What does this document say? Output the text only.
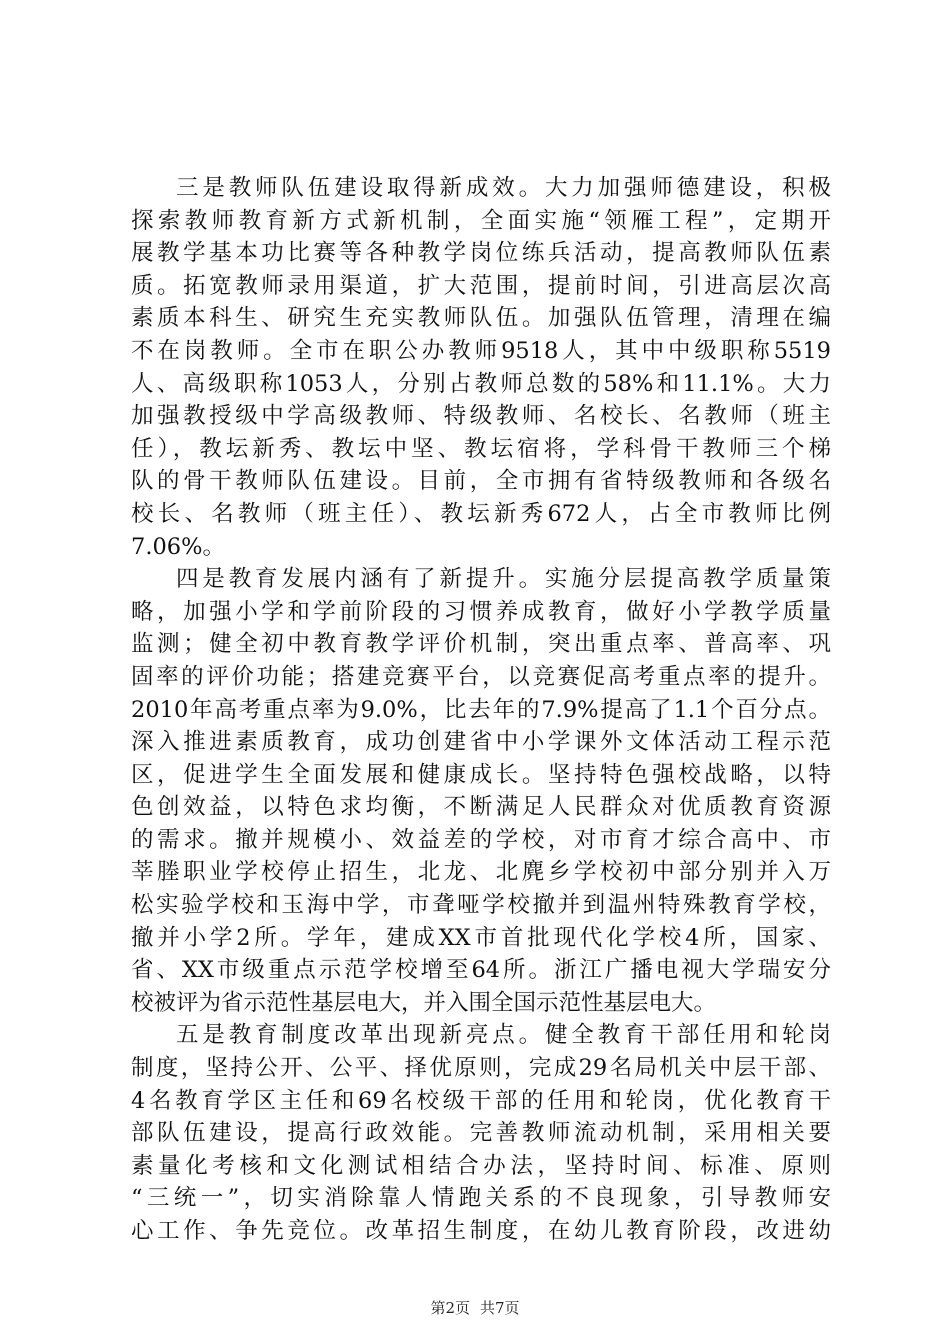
三是教师队伍建设取得新成效。大力加强师德建设，积极
探索教师教育新方式新机制，全面实施“领雁工程”，定期开
展教学基本功比赛等各种教学岗位练兵活动，提高教师队伍素
质。拓宽教师录用渠道，扩大范围，提前时间，引进高层次高
素质本科生、研究生充实教师队伍。加强队伍管理，清理在编
不在岗教师。全市在职公办教师9518人，其中中级职称5519
人、高级职称1053人，分别占教师总数的58%和11.1%。大力
加强教授级中学高级教师、特级教师、名校长、名教师（班主
任），教坛新秀、教坛中坚、教坛宿将，学科骨干教师三个梯
队的骨干教师队伍建设。目前，全市拥有省特级教师和各级名
校长、名教师（班主任）、教坛新秀672人，占全市教师比例
7.06%。
四是教育发展内涵有了新提升。实施分层提高教学质量策
略，加强小学和学前阶段的习惯养成教育，做好小学教学质量
监测；健全初中教育教学评价机制，突出重点率、普高率、巩
固率的评价功能；搭建竞赛平台，以竞赛促高考重点率的提升。
2010年高考重点率为9.0%，比去年的7.9%提高了1.1个百分点。
深入推进素质教育，成功创建省中小学课外文体活动工程示范
区，促进学生全面发展和健康成长。坚持特色强校战略，以特
色创效益，以特色求均衡，不断满足人民群众对优质教育资源
的需求。撤并规模小、效益差的学校，对市育才综合高中、市
莘塍职业学校停止招生，北龙、北麂乡学校初中部分别并入万
松实验学校和玉海中学，市聋哑学校撤并到温州特殊教育学校，
撤并小学2所。学年，建成XX市首批现代化学校4所，国家、
省、XX市级重点示范学校增至64所。浙江广播电视大学瑞安分
校被评为省示范性基层电大，并入围全国示范性基层电大。
五是教育制度改革出现新亮点。健全教育干部任用和轮岗
制度，坚持公开、公平、择优原则，完成29名局机关中层干部、
4名教育学区主任和69名校级干部的任用和轮岗，优化教育干
部队伍建设，提高行政效能。完善教师流动机制，采用相关要
素量化考核和文化测试相结合办法，坚持时间、标准、原则
“三统一”，切实消除靠人情跑关系的不良现象，引导教师安
心工作、争先竞位。改革招生制度，在幼儿教育阶段，改进幼
第2页 共7页
